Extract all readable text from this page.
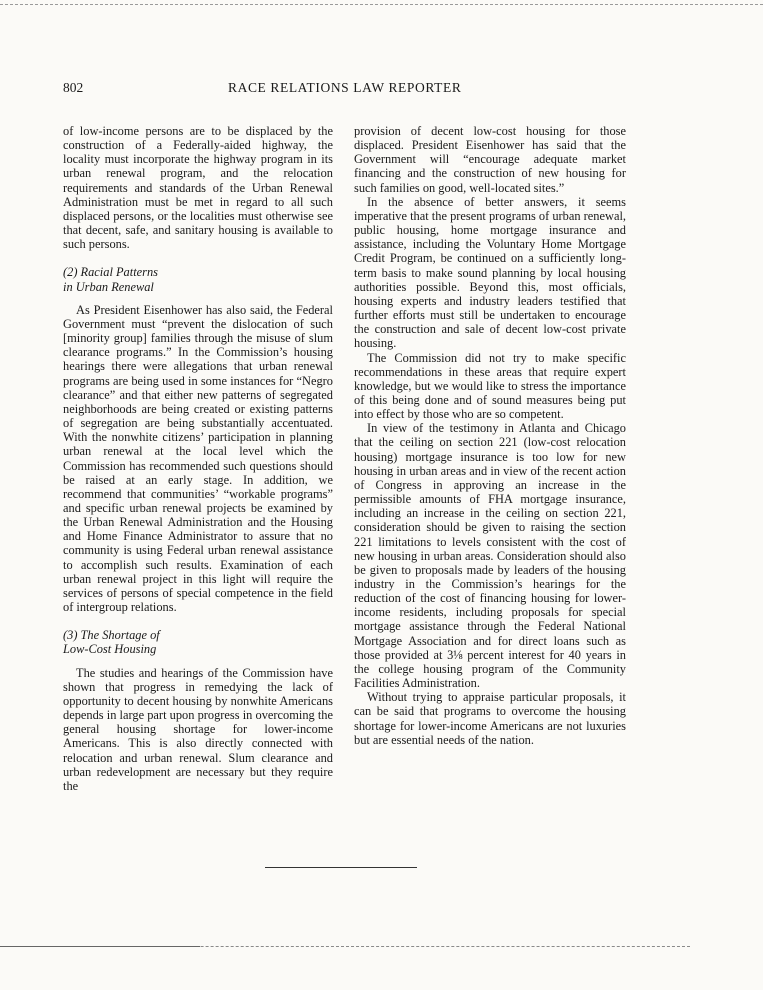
802	RACE RELATIONS LAW REPORTER

of low-income persons are to be displaced by the construction of a Federally-aided highway, the locality must incorporate the highway program in its urban renewal program, and the relocation requirements and standards of the Urban Renewal Administration must be met in regard to all such displaced persons, or the localities must otherwise see that decent, safe, and sanitary housing is available to such persons.

(2) Racial Patterns
in Urban Renewal

As President Eisenhower has also said, the Federal Government must “prevent the dislocation of such [minority group] families through the misuse of slum clearance programs.” In the Commission’s housing hearings there were allegations that urban renewal programs are being used in some instances for “Negro clearance” and that either new patterns of segregated neighborhoods are being created or existing patterns of segregation are being substantially accentuated. With the nonwhite citizens’ participation in planning urban renewal at the local level which the Commission has recommended such questions should be raised at an early stage. In addition, we recommend that communities’ “workable programs” and specific urban renewal projects be examined by the Urban Renewal Administration and the Housing and Home Finance Administrator to assure that no community is using Federal urban renewal assistance to accomplish such results. Examination of each urban renewal project in this light will require the services of persons of special competence in the field of intergroup relations.

(3) The Shortage of
Low-Cost Housing

The studies and hearings of the Commission have shown that progress in remedying the lack of opportunity to decent housing by nonwhite Americans depends in large part upon progress in overcoming the general housing shortage for lower-income Americans. This is also directly connected with relocation and urban renewal. Slum clearance and urban redevelopment are necessary but they require the

provision of decent low-cost housing for those displaced. President Eisenhower has said that the Government will “encourage adequate market financing and the construction of new housing for such families on good, well-located sites.”

In the absence of better answers, it seems imperative that the present programs of urban renewal, public housing, home mortgage insurance and assistance, including the Voluntary Home Mortgage Credit Program, be continued on a sufficiently long-term basis to make sound planning by local housing authorities possible. Beyond this, most officials, housing experts and industry leaders testified that further efforts must still be undertaken to encourage the construction and sale of decent low-cost private housing.

The Commission did not try to make specific recommendations in these areas that require expert knowledge, but we would like to stress the importance of this being done and of sound measures being put into effect by those who are so competent.

In view of the testimony in Atlanta and Chicago that the ceiling on section 221 (low-cost relocation housing) mortgage insurance is too low for new housing in urban areas and in view of the recent action of Congress in approving an increase in the permissible amounts of FHA mortgage insurance, including an increase in the ceiling on section 221, consideration should be given to raising the section 221 limitations to levels consistent with the cost of new housing in urban areas. Consideration should also be given to proposals made by leaders of the housing industry in the Commission’s hearings for the reduction of the cost of financing housing for lower-income residents, including proposals for special mortgage assistance through the Federal National Mortgage Association and for direct loans such as those provided at 3⅛ percent interest for 40 years in the college housing program of the Community Facilities Administration.

Without trying to appraise particular proposals, it can be said that programs to overcome the housing shortage for lower-income Americans are not luxuries but are essential needs of the nation.
